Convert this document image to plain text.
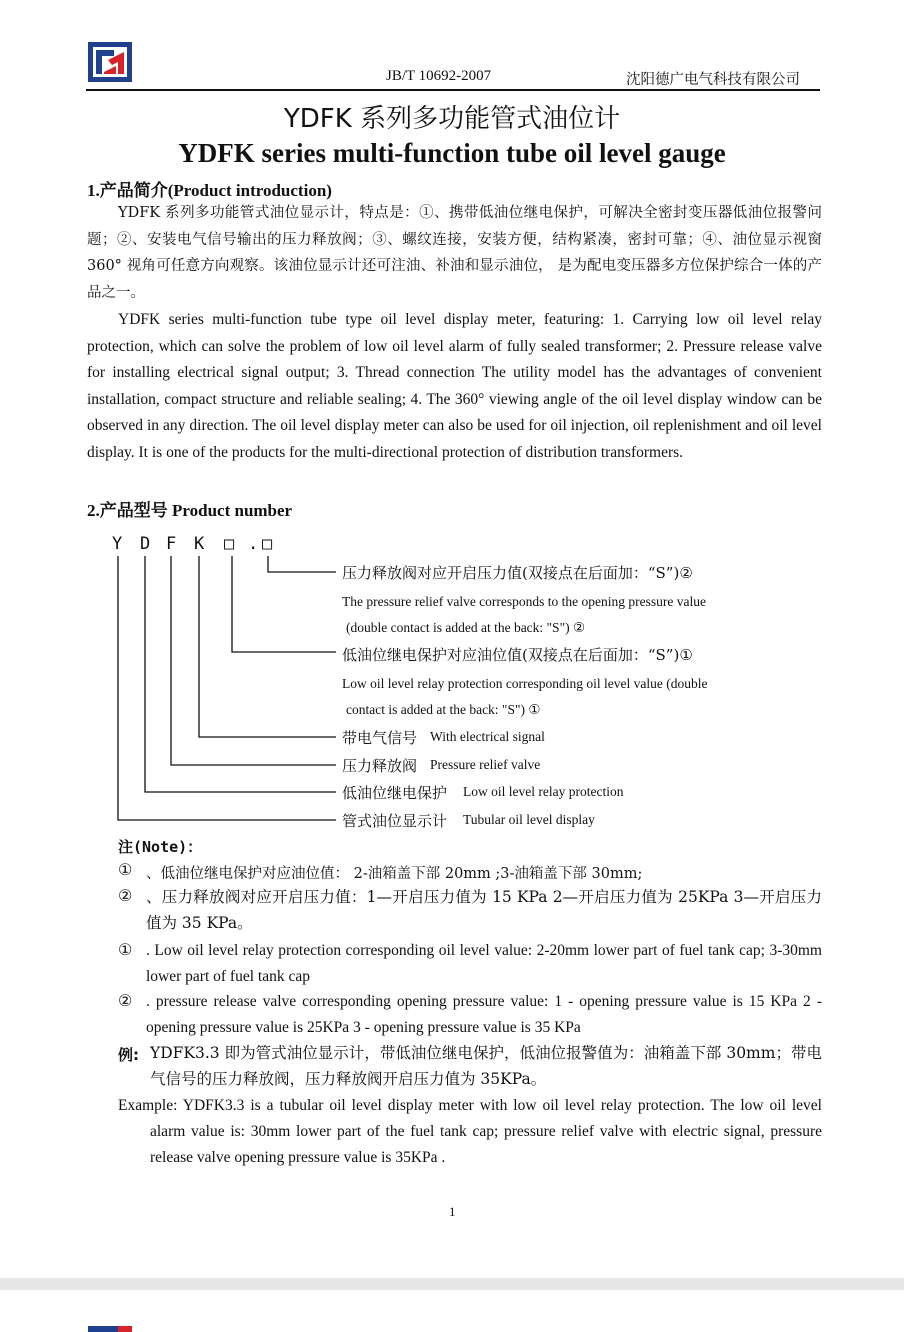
JB/T 10692-2007	沈阳德广电气科技有限公司
YDFK 系列多功能管式油位计
YDFK series multi-function tube oil level gauge
1.产品简介(Product introduction)
YDFK 系列多功能管式油位显示计，特点是：①、携带低油位继电保护，可解决全密封变压器低油位报警问题；②、安装电气信号输出的压力释放阀；③、螺纹连接，安装方便，结构紧凑，密封可靠；④、油位显示视窗 360° 视角可任意方向观察。该油位显示计还可注油、补油和显示油位， 是为配电变压器多方位保护综合一体的产品之一。
YDFK series multi-function tube type oil level display meter, featuring: 1. Carrying low oil level relay protection, which can solve the problem of low oil level alarm of fully sealed transformer; 2. Pressure release valve for installing electrical signal output; 3. Thread connection The utility model has the advantages of convenient installation, compact structure and reliable sealing; 4. The 360° viewing angle of the oil level display window can be observed in any direction. The oil level display meter can also be used for oil injection, oil replenishment and oil level display. It is one of the products for the multi-directional protection of distribution transformers.
2.产品型号 Product number
Y D F K □ . □
压力释放阀对应开启压力值(双接点在后面加：“S”)②
The pressure relief valve corresponds to the opening pressure value
(double contact is added at the back: "S") ②
低油位继电保护对应油位值(双接点在后面加：“S”)①
Low oil level relay protection corresponding oil level value (double
contact is added at the back: "S") ①
带电气信号 With electrical signal
压力释放阀 Pressure relief valve
低油位继电保护 Low oil level relay protection
管式油位显示计 Tubular oil level display
注(Note)：
① 、低油位继电保护对应油位值： 2-油箱盖下部 20mm ;3-油箱盖下部 30mm;
② 、压力释放阀对应开启压力值：1—开启压力值为 15 KPa 2—开启压力值为 25KPa 3—开启压力值为 35 KPa。
① . Low oil level relay protection corresponding oil level value: 2-20mm lower part of fuel tank cap; 3-30mm lower part of fuel tank cap
② . pressure release valve corresponding opening pressure value: 1 - opening pressure value is 15 KPa 2 - opening pressure value is 25KPa 3 - opening pressure value is 35 KPa
例: YDFK3.3 即为管式油位显示计，带低油位继电保护，低油位报警值为：油箱盖下部 30mm；带电气信号的压力释放阀，压力释放阀开启压力值为 35KPa。
Example: YDFK3.3 is a tubular oil level display meter with low oil level relay protection. The low oil level alarm value is: 30mm lower part of the fuel tank cap; pressure relief valve with electric signal, pressure release valve opening pressure value is 35KPa .
1
